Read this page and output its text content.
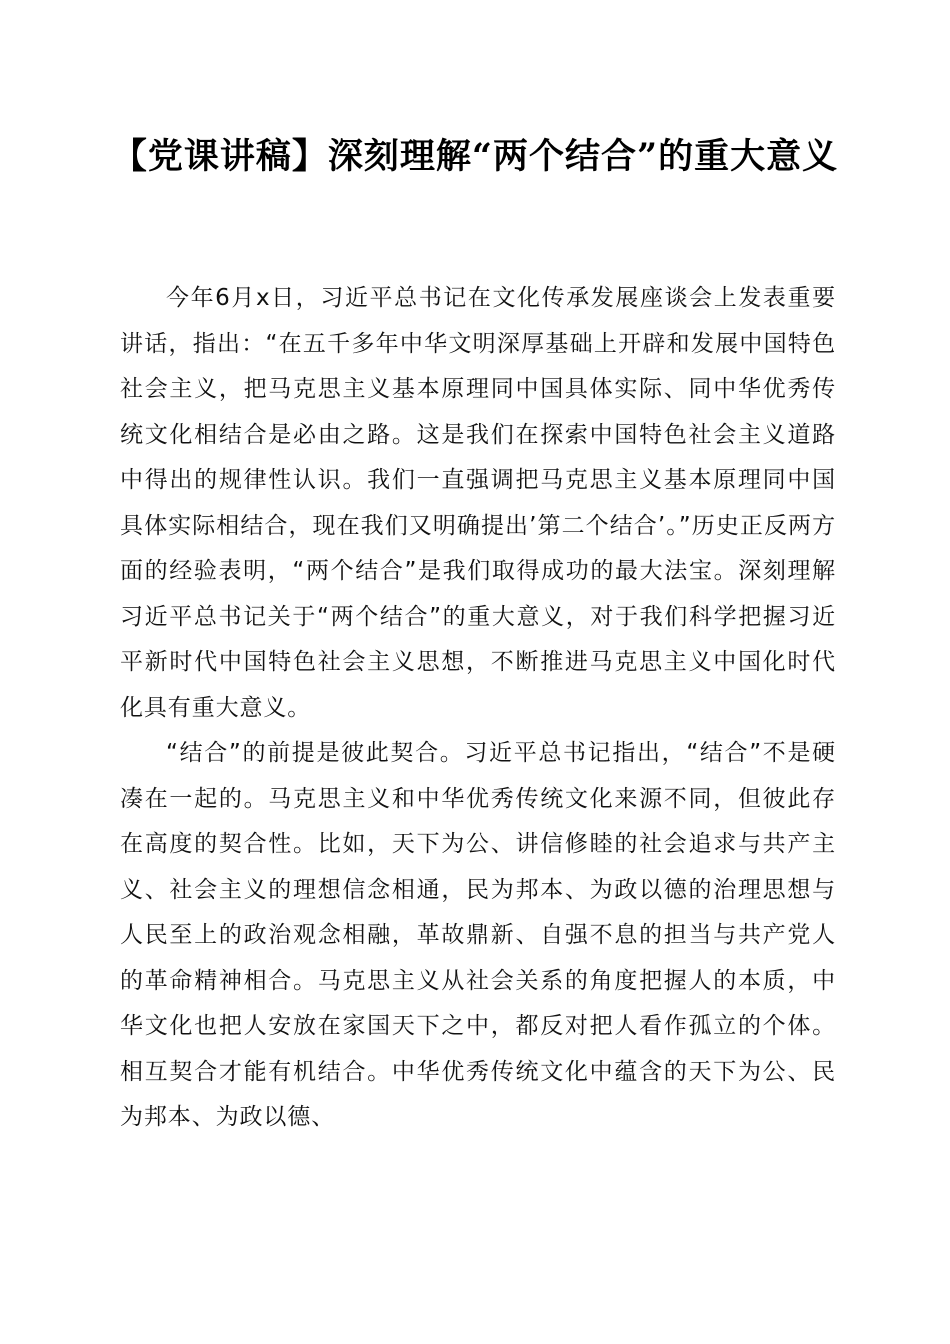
【党课讲稿】深刻理解“两个结合”的重大意义

今年6月x日，习近平总书记在文化传承发展座谈会上发表重要讲话，指出：“在五千多年中华文明深厚基础上开辟和发展中国特色社会主义，把马克思主义基本原理同中国具体实际、同中华优秀传统文化相结合是必由之路。这是我们在探索中国特色社会主义道路中得出的规律性认识。我们一直强调把马克思主义基本原理同中国具体实际相结合，现在我们又明确提出’第二个结合’。”历史正反两方面的经验表明，“两个结合”是我们取得成功的最大法宝。深刻理解习近平总书记关于“两个结合”的重大意义，对于我们科学把握习近平新时代中国特色社会主义思想，不断推进马克思主义中国化时代化具有重大意义。

“结合”的前提是彼此契合。习近平总书记指出，“结合”不是硬凑在一起的。马克思主义和中华优秀传统文化来源不同，但彼此存在高度的契合性。比如，天下为公、讲信修睦的社会追求与共产主义、社会主义的理想信念相通，民为邦本、为政以德的治理思想与人民至上的政治观念相融，革故鼎新、自强不息的担当与共产党人的革命精神相合。马克思主义从社会关系的角度把握人的本质，中华文化也把人安放在家国天下之中，都反对把人看作孤立的个体。相互契合才能有机结合。中华优秀传统文化中蕴含的天下为公、民为邦本、为政以德、
